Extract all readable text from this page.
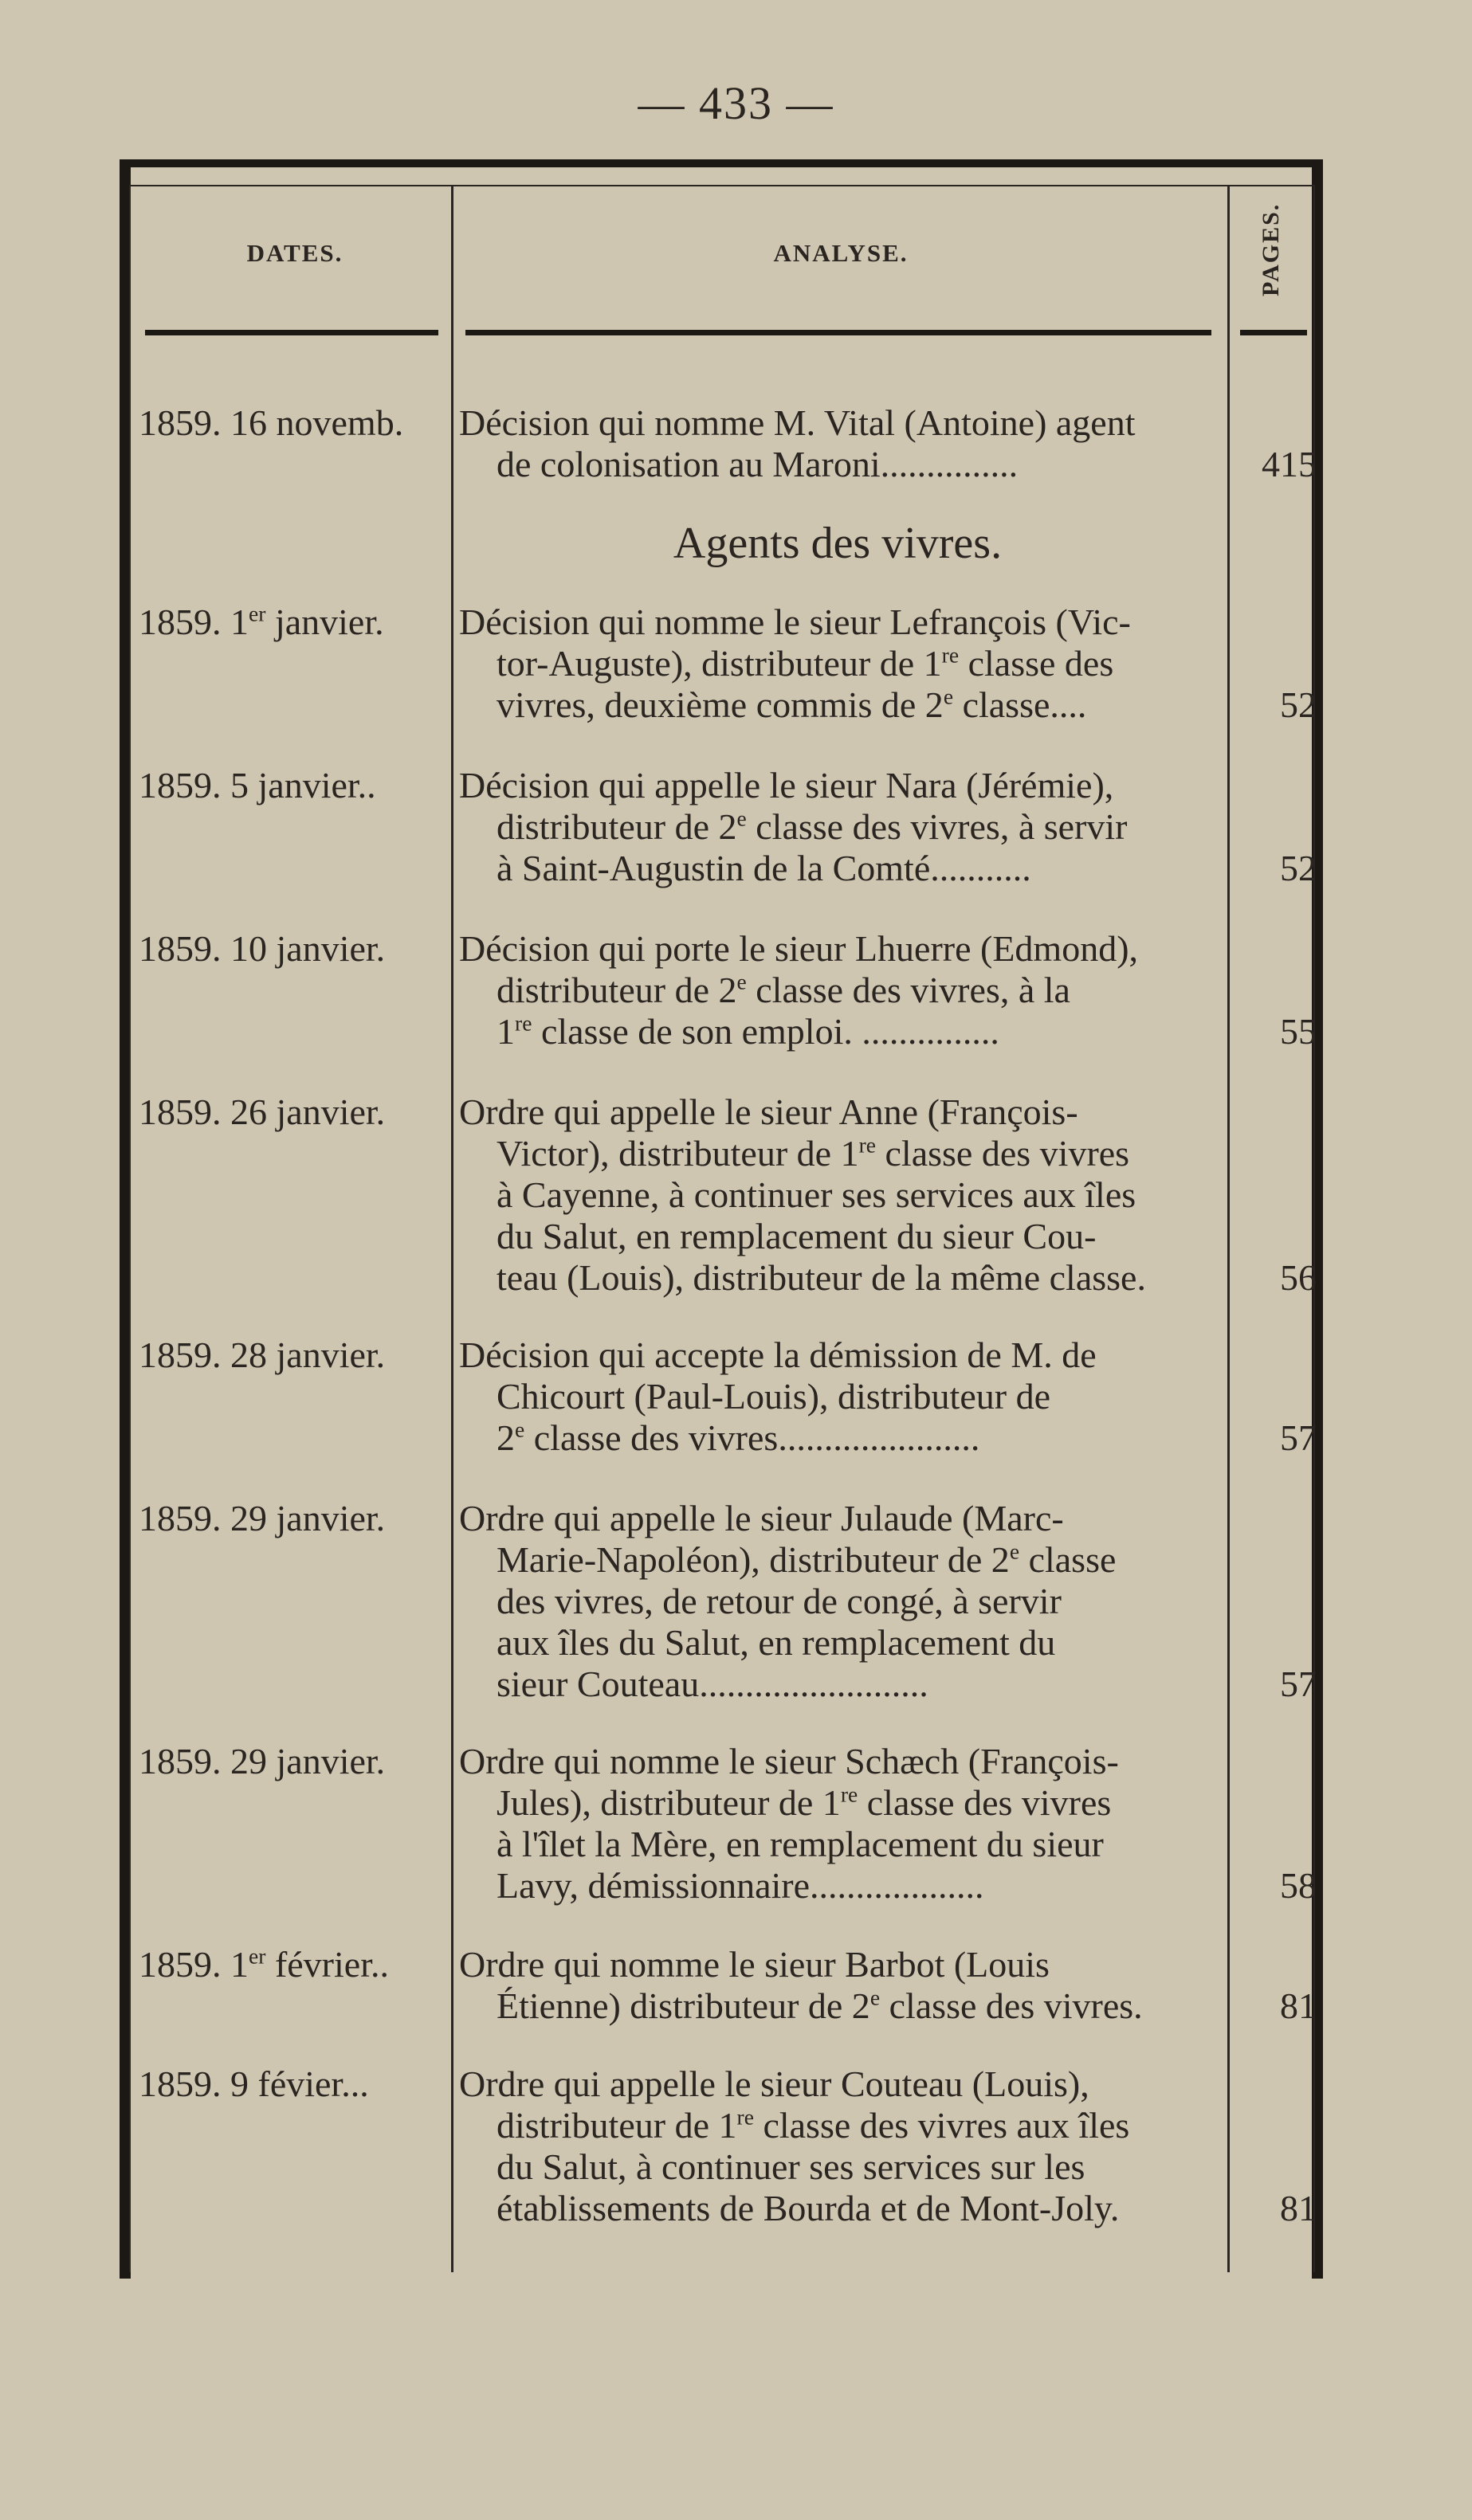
— 433 —
DATES.	ANALYSE.	PAGES.
Agents des vivres.
1859. 16 novemb.	Décision qui nomme M. Vital (Antoine) agent
de colonisation au Maroni...............	415
1859. 1er janvier.	Décision qui nomme le sieur Lefrançois (Vic-
tor-Auguste), distributeur de 1re classe des
vivres, deuxième commis de 2e classe....	52
1859. 5 janvier..	Décision qui appelle le sieur Nara (Jérémie),
distributeur de 2e classe des vivres, à servir
à Saint-Augustin de la Comté...........	52
1859. 10 janvier.	Décision qui porte le sieur Lhuerre (Edmond),
distributeur de 2e classe des vivres, à la
1re classe de son emploi. ...............	55
1859. 26 janvier.	Ordre qui appelle le sieur Anne (François-
Victor), distributeur de 1re classe des vivres
à Cayenne, à continuer ses services aux îles
du Salut, en remplacement du sieur Cou-
teau (Louis), distributeur de la même classe.	56
1859. 28 janvier.	Décision qui accepte la démission de M. de
Chicourt (Paul-Louis), distributeur de
2e classe des vivres......................	57
1859. 29 janvier.	Ordre qui appelle le sieur Julaude (Marc-
Marie-Napoléon), distributeur de 2e classe
des vivres, de retour de congé, à servir
aux îles du Salut, en remplacement du
sieur Couteau.........................	57
1859. 29 janvier.	Ordre qui nomme le sieur Schæch (François-
Jules), distributeur de 1re classe des vivres
à l'îlet la Mère, en remplacement du sieur
Lavy, démissionnaire...................	58
1859. 1er février..	Ordre qui nomme le sieur Barbot (Louis
Étienne) distributeur de 2e classe des vivres.	81
1859. 9 févier...	Ordre qui appelle le sieur Couteau (Louis),
distributeur de 1re classe des vivres aux îles
du Salut, à continuer ses services sur les
établissements de Bourda et de Mont-Joly.	81
